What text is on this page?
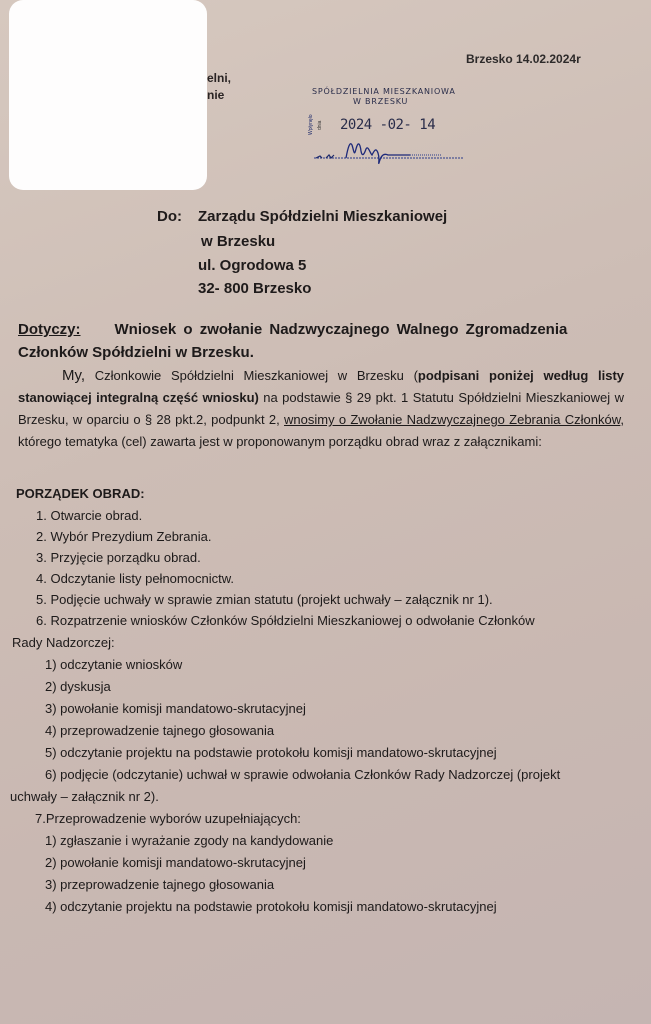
elni,
nie
Brzesko 14.02.2024r
SPÓŁDZIELNIA MIESZKANIOWA
W BRZESKU
Wpłynęło dnia 2024 -02- 14
Do: Zarządu Spółdzielni Mieszkaniowej
w Brzesku
ul. Ogrodowa 5
32- 800 Brzesko
Dotyczy: Wniosek o zwołanie Nadzwyczajnego Walnego Zgromadzenia
Członków Spółdzielni w Brzesku.
My, Członkowie Spółdzielni Mieszkaniowej w Brzesku (podpisani poniżej według listy stanowiącej integralną część wniosku) na podstawie § 29 pkt. 1 Statutu Spółdzielni Mieszkaniowej w Brzesku, w oparciu o § 28 pkt.2, podpunkt 2, wnosimy o Zwołanie Nadzwyczajnego Zebrania Członków, którego tematyka (cel) zawarta jest w proponowanym porządku obrad wraz z załącznikami:
PORZĄDEK OBRAD:
1. Otwarcie obrad.
2. Wybór Prezydium Zebrania.
3. Przyjęcie porządku obrad.
4. Odczytanie listy pełnomocnictw.
5. Podjęcie uchwały w sprawie zmian statutu (projekt uchwały – załącznik nr 1).
6. Rozpatrzenie wniosków Członków Spółdzielni Mieszkaniowej o odwołanie Członków
Rady Nadzorczej:
1) odczytanie wniosków
2) dyskusja
3) powołanie komisji mandatowo-skrutacyjnej
4) przeprowadzenie tajnego głosowania
5) odczytanie projektu na podstawie protokołu komisji mandatowo-skrutacyjnej
6) podjęcie (odczytanie) uchwał w sprawie odwołania Członków Rady Nadzorczej (projekt
uchwały – załącznik nr 2).
7.Przeprowadzenie wyborów uzupełniających:
1) zgłaszanie i wyrażanie zgody na kandydowanie
2) powołanie komisji mandatowo-skrutacyjnej
3) przeprowadzenie tajnego głosowania
4) odczytanie projektu na podstawie protokołu komisji mandatowo-skrutacyjnej
